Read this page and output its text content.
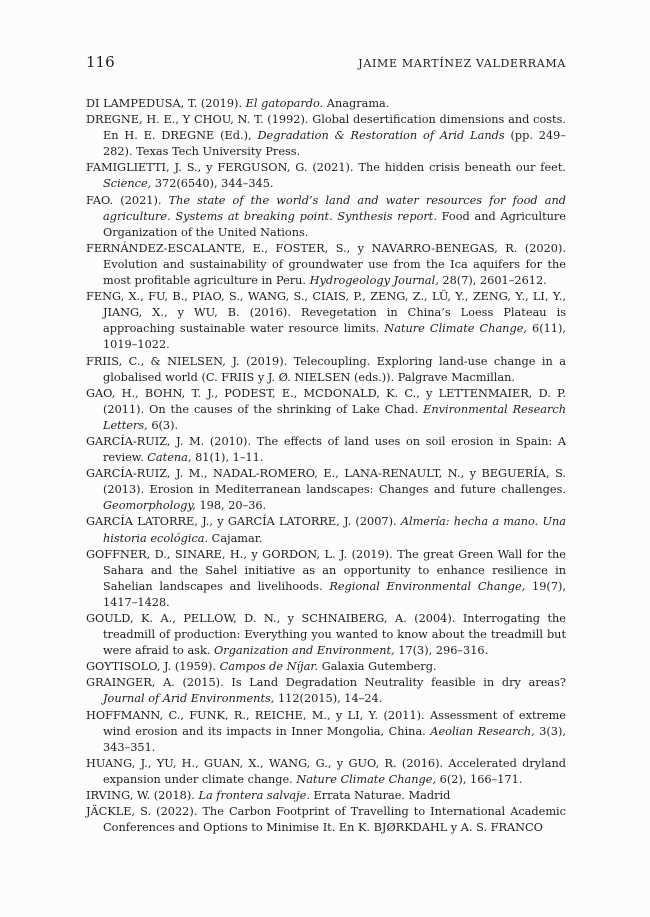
116	JAIME MARTÍNEZ VALDERRAMA

DI LAMPEDUSA, T. (2019). El gatopardo. Anagrama.

DREGNE, H. E., Y CHOU, N. T. (1992). Global desertification dimensions and costs. En H. E. DREGNE (Ed.), Degradation & Restoration of Arid Lands (pp. 249–282). Texas Tech University Press.

FAMIGLIETTI, J. S., y FERGUSON, G. (2021). The hidden crisis beneath our feet. Science, 372(6540), 344–345.

FAO. (2021). The state of the world’s land and water resources for food and agriculture. Systems at breaking point. Synthesis report. Food and Agriculture Organization of the United Nations.

FERNÁNDEZ-ESCALANTE, E., FOSTER, S., y NAVARRO-BENEGAS, R. (2020). Evolution and sustainability of groundwater use from the Ica aquifers for the most profitable agriculture in Peru. Hydrogeology Journal, 28(7), 2601–2612.

FENG, X., FU, B., PIAO, S., WANG, S., CIAIS, P., ZENG, Z., LÜ, Y., ZENG, Y., LI, Y., JIANG, X., y WU, B. (2016). Revegetation in China’s Loess Plateau is approaching sustainable water resource limits. Nature Climate Change, 6(11), 1019–1022.

FRIIS, C., & NIELSEN, J. (2019). Telecoupling. Exploring land-use change in a globalised world (C. FRIIS y J. Ø. NIELSEN (eds.)). Palgrave Macmillan.

GAO, H., BOHN, T. J., PODEST, E., MCDONALD, K. C., y LETTENMAIER, D. P. (2011). On the causes of the shrinking of Lake Chad. Environmental Research Letters, 6(3).

GARCÍA-RUIZ, J. M. (2010). The effects of land uses on soil erosion in Spain: A review. Catena, 81(1), 1–11.

GARCÍA-RUIZ, J. M., NADAL-ROMERO, E., LANA-RENAULT, N., y BEGUERÍA, S. (2013). Erosion in Mediterranean landscapes: Changes and future challenges. Geomorphology, 198, 20–36.

GARCÍA LATORRE, J., y GARCÍA LATORRE, J. (2007). Almería: hecha a mano. Una historia ecológica. Cajamar.

GOFFNER, D., SINARE, H., y GORDON, L. J. (2019). The great Green Wall for the Sahara and the Sahel initiative as an opportunity to enhance resilience in Sahelian landscapes and livelihoods. Regional Environmental Change, 19(7), 1417–1428.

GOULD, K. A., PELLOW, D. N., y SCHNAIBERG, A. (2004). Interrogating the treadmill of production: Everything you wanted to know about the treadmill but were afraid to ask. Organization and Environment, 17(3), 296–316.

GOYTISOLO, J. (1959). Campos de Níjar. Galaxia Gutemberg.

GRAINGER, A. (2015). Is Land Degradation Neutrality feasible in dry areas? Journal of Arid Environments, 112(2015), 14–24.

HOFFMANN, C., FUNK, R., REICHE, M., y LI, Y. (2011). Assessment of extreme wind erosion and its impacts in Inner Mongolia, China. Aeolian Research, 3(3), 343–351.

HUANG, J., YU, H., GUAN, X., WANG, G., y GUO, R. (2016). Accelerated dryland expansion under climate change. Nature Climate Change, 6(2), 166–171.

IRVING, W. (2018). La frontera salvaje. Errata Naturae. Madrid

JÄCKLE, S. (2022). The Carbon Footprint of Travelling to International Academic Conferences and Options to Minimise It. En K. BJØRKDAHL y A. S. FRANCO
